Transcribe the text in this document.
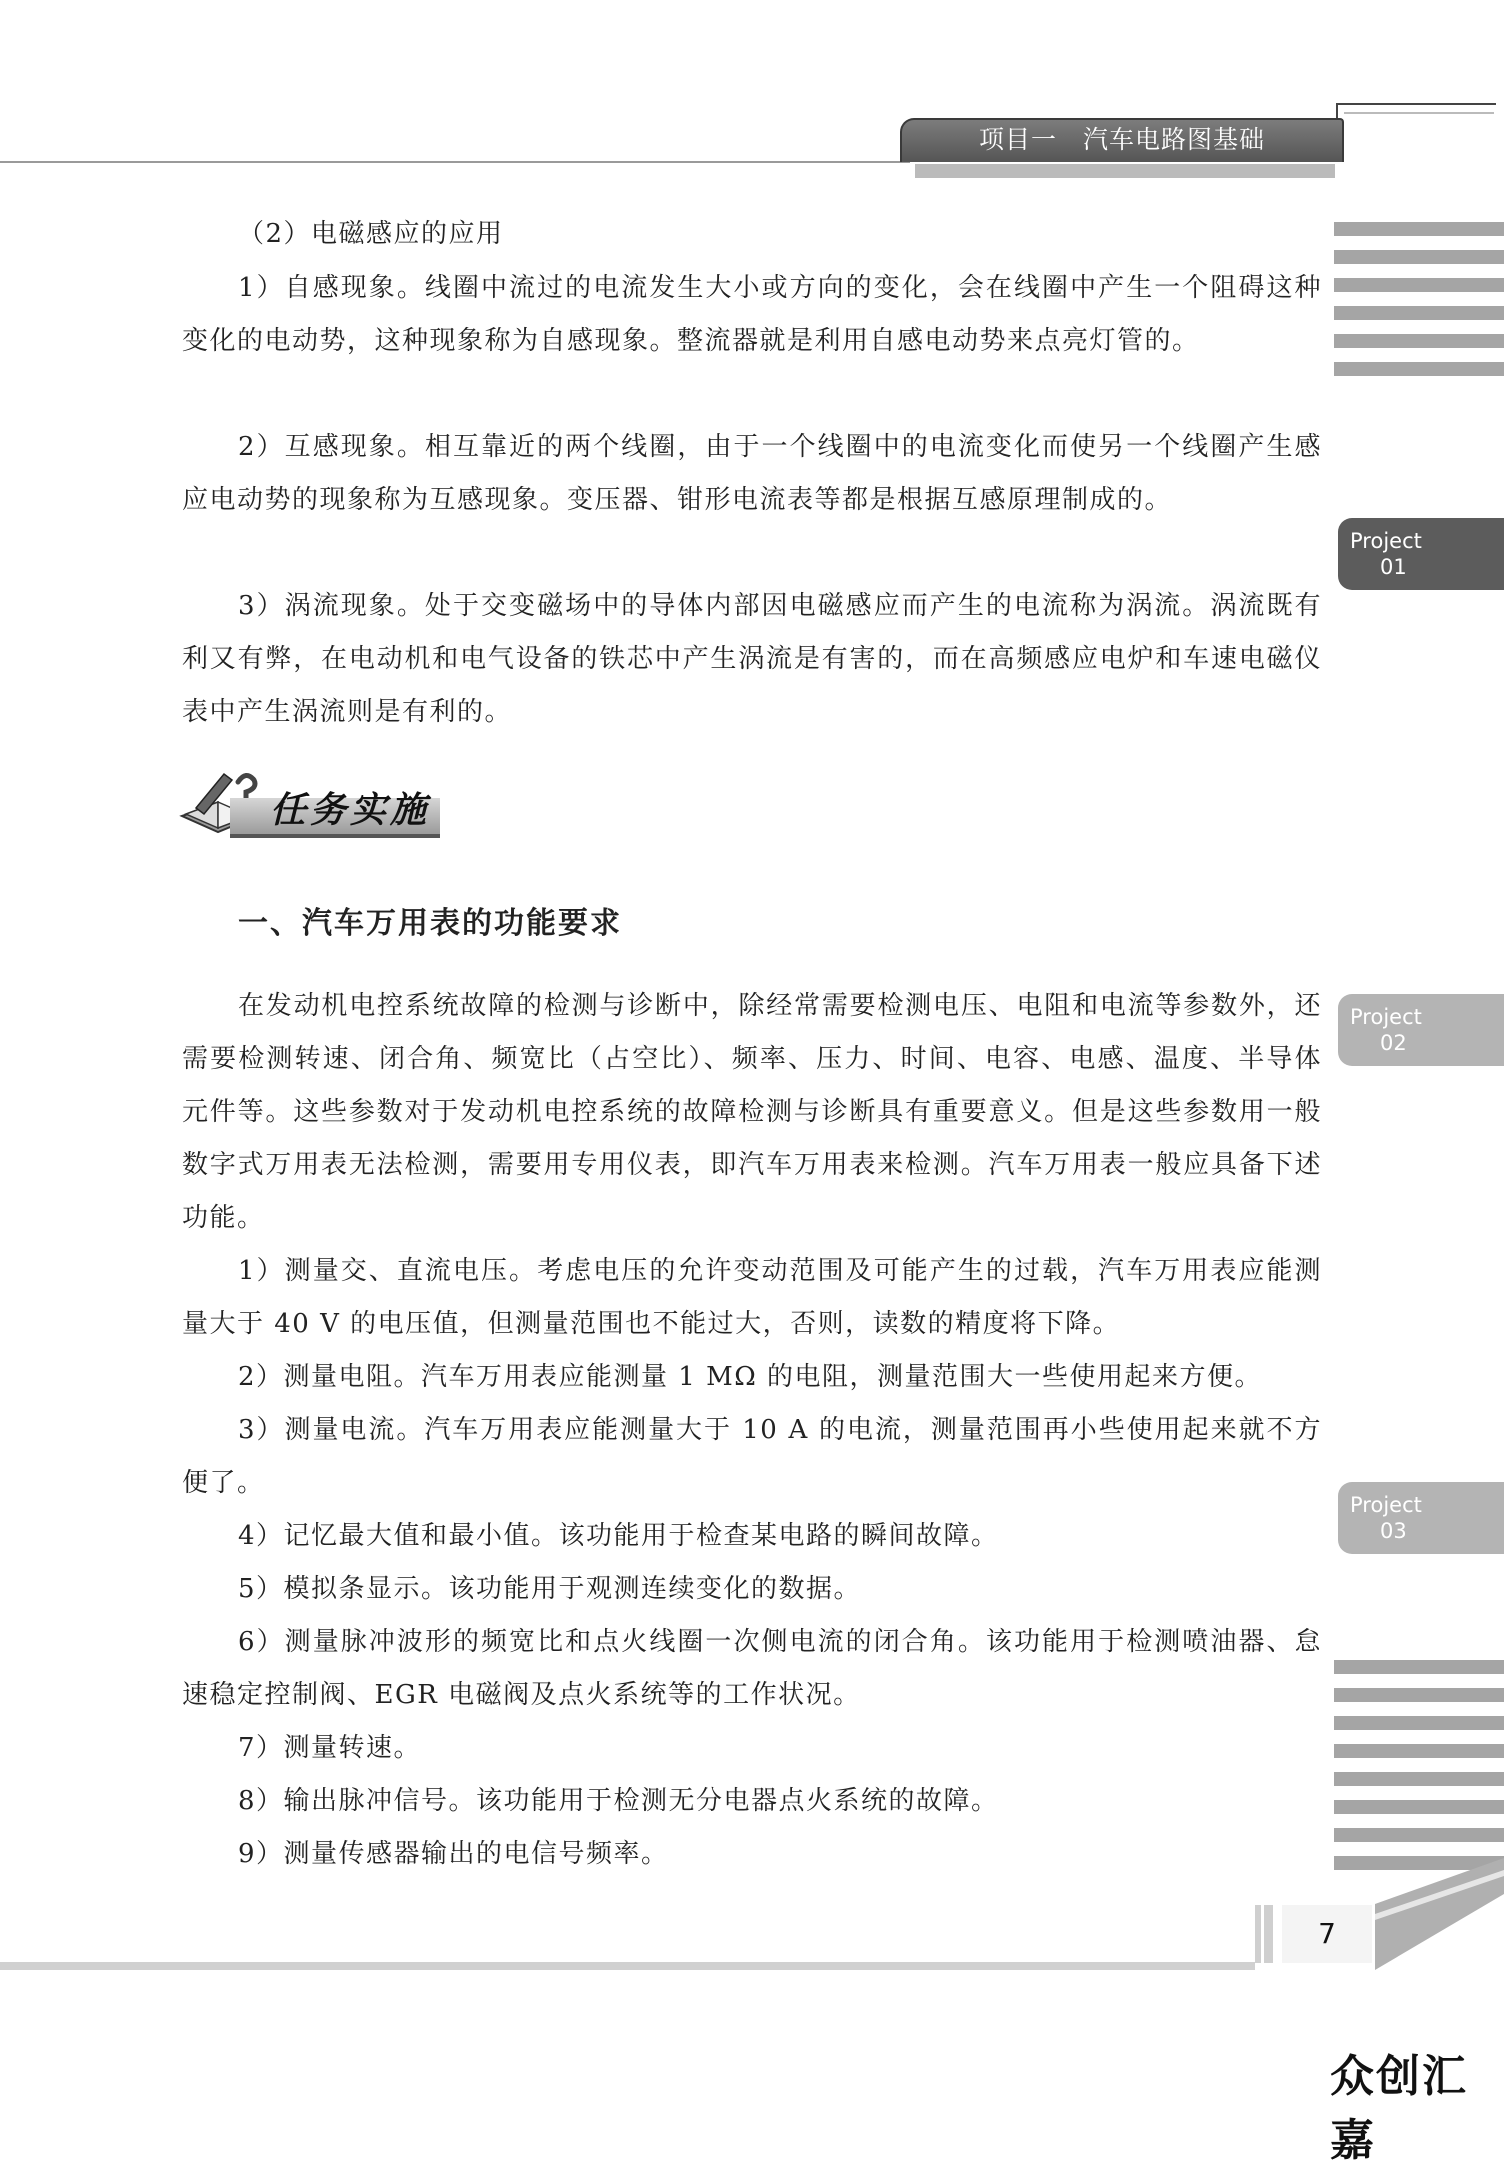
项目一　汽车电路图基础
Project
01
Project
02
Project
03

（2）电磁感应的应用

1）自感现象。线圈中流过的电流发生大小或方向的变化，会在线圈中产生一个阻碍这种变化的电动势，这种现象称为自感现象。整流器就是利用自感电动势来点亮灯管的。

2）互感现象。相互靠近的两个线圈，由于一个线圈中的电流变化而使另一个线圈产生感应电动势的现象称为互感现象。变压器、钳形电流表等都是根据互感原理制成的。

3）涡流现象。处于交变磁场中的导体内部因电磁感应而产生的电流称为涡流。涡流既有利又有弊，在电动机和电气设备的铁芯中产生涡流是有害的，而在高频感应电炉和车速电磁仪表中产生涡流则是有利的。

任务实施
一、汽车万用表的功能要求

在发动机电控系统故障的检测与诊断中，除经常需要检测电压、电阻和电流等参数外，还需要检测转速、闭合角、频宽比（占空比）、频率、压力、时间、电容、电感、温度、半导体元件等。这些参数对于发动机电控系统的故障检测与诊断具有重要意义。但是这些参数用一般数字式万用表无法检测，需要用专用仪表，即汽车万用表来检测。汽车万用表一般应具备下述功能。

1）测量交、直流电压。考虑电压的允许变动范围及可能产生的过载，汽车万用表应能测量大于 40 V 的电压值，但测量范围也不能过大，否则，读数的精度将下降。

2）测量电阻。汽车万用表应能测量 1 MΩ 的电阻，测量范围大一些使用起来方便。

3）测量电流。汽车万用表应能测量大于 10 A 的电流，测量范围再小些使用起来就不方便了。

4）记忆最大值和最小值。该功能用于检查某电路的瞬间故障。

5）模拟条显示。该功能用于观测连续变化的数据。

6）测量脉冲波形的频宽比和点火线圈一次侧电流的闭合角。该功能用于检测喷油器、怠速稳定控制阀、EGR 电磁阀及点火系统等的工作状况。

7）测量转速。

8）输出脉冲信号。该功能用于检测无分电器点火系统的故障。

9）测量传感器输出的电信号频率。

7
众创汇嘉
